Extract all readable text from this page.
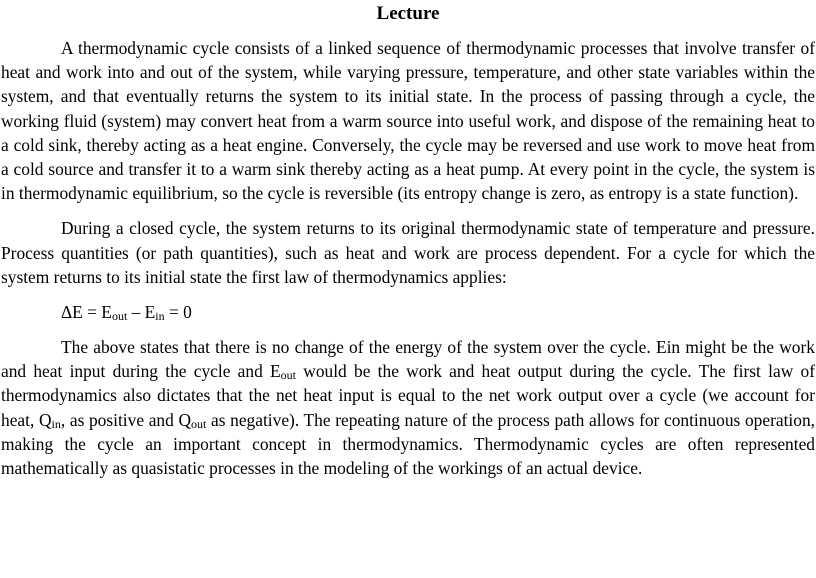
Lecture

A thermodynamic cycle consists of a linked sequence of thermodynamic processes that involve transfer of heat and work into and out of the system, while varying pressure, temperature, and other state variables within the system, and that eventually returns the system to its initial state. In the process of passing through a cycle, the working fluid (system) may convert heat from a warm source into useful work, and dispose of the remaining heat to a cold sink, thereby acting as a heat engine. Conversely, the cycle may be reversed and use work to move heat from a cold source and transfer it to a warm sink thereby acting as a heat pump. At every point in the cycle, the system is in thermodynamic equilibrium, so the cycle is reversible (its entropy change is zero, as entropy is a state function).

During a closed cycle, the system returns to its original thermodynamic state of temperature and pressure. Process quantities (or path quantities), such as heat and work are process dependent. For a cycle for which the system returns to its initial state the first law of thermodynamics applies:

$\Delta E = E_{out} - E_{in} = 0$

The above states that there is no change of the energy of the system over the cycle. Ein might be the work and heat input during the cycle and $E_{out}$ would be the work and heat output during the cycle. The first law of thermodynamics also dictates that the net heat input is equal to the net work output over a cycle (we account for heat, $Q_{in}$, as positive and $Q_{out}$ as negative). The repeating nature of the process path allows for continuous operation, making the cycle an important concept in thermodynamics. Thermodynamic cycles are often represented mathematically as quasistatic processes in the modeling of the workings of an actual device.
